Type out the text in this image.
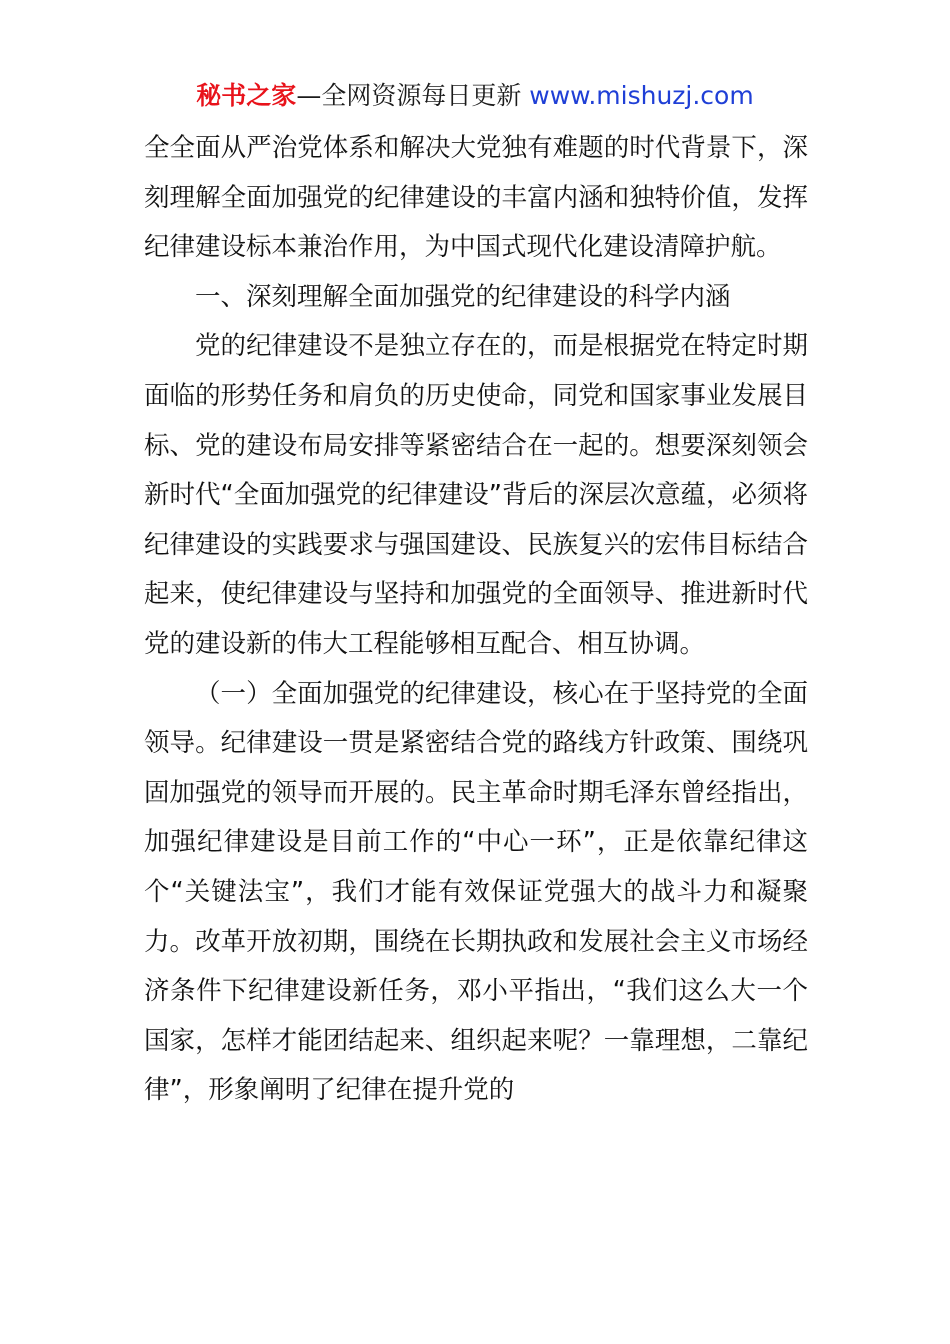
秘书之家—全网资源每日更新 www.mishuzj.com

全全面从严治党体系和解决大党独有难题的时代背景下，深刻理解全面加强党的纪律建设的丰富内涵和独特价值，发挥纪律建设标本兼治作用，为中国式现代化建设清障护航。

一、深刻理解全面加强党的纪律建设的科学内涵

党的纪律建设不是独立存在的，而是根据党在特定时期面临的形势任务和肩负的历史使命，同党和国家事业发展目标、党的建设布局安排等紧密结合在一起的。想要深刻领会新时代“全面加强党的纪律建设”背后的深层次意蕴，必须将纪律建设的实践要求与强国建设、民族复兴的宏伟目标结合起来，使纪律建设与坚持和加强党的全面领导、推进新时代党的建设新的伟大工程能够相互配合、相互协调。

（一）全面加强党的纪律建设，核心在于坚持党的全面领导。纪律建设一贯是紧密结合党的路线方针政策、围绕巩固加强党的领导而开展的。民主革命时期毛泽东曾经指出，加强纪律建设是目前工作的“中心一环”，正是依靠纪律这个“关键法宝”，我们才能有效保证党强大的战斗力和凝聚力。改革开放初期，围绕在长期执政和发展社会主义市场经济条件下纪律建设新任务，邓小平指出，“我们这么大一个国家，怎样才能团结起来、组织起来呢？一靠理想，二靠纪律”，形象阐明了纪律在提升党的
